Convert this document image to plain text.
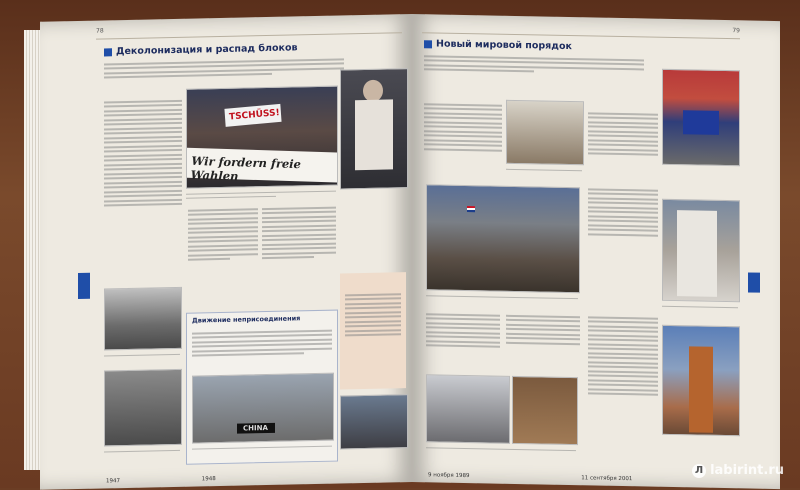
78
Деколонизация и распад блоков
TSCHÜSS!
Wir fordern freie Wahlen
Движение неприсоединения
CHINA
1947	1948
79
Новый мировой порядок
9 ноября 1989	11 сентября 2001
Л labirint.ru
